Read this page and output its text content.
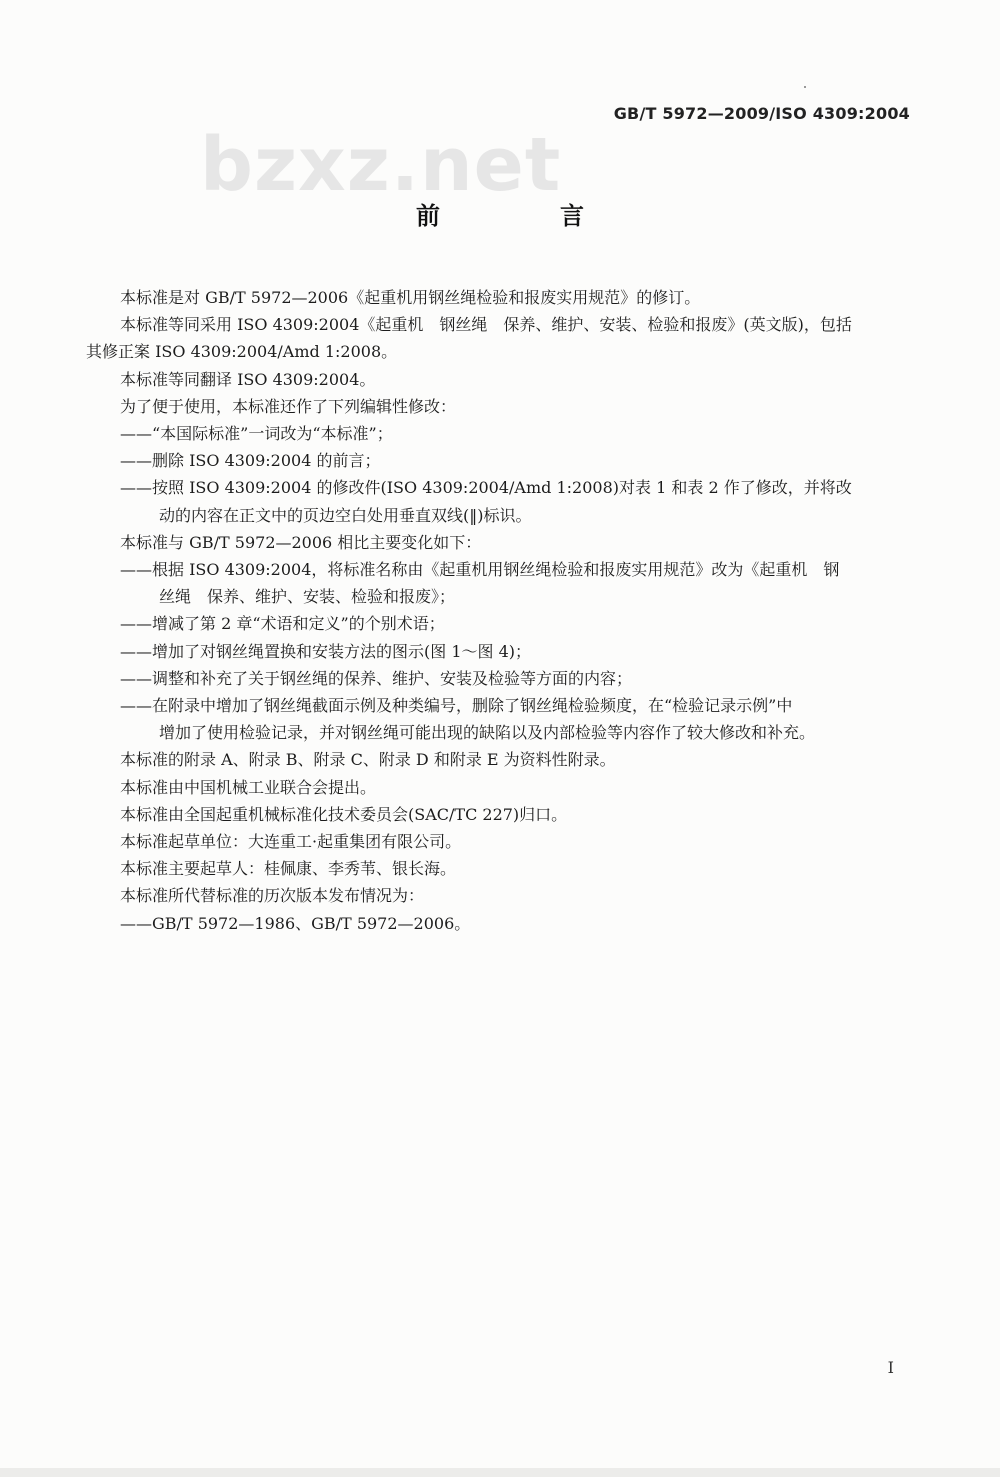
GB/T 5972—2009/ISO 4309:2004
bzxz.net
前　言

本标准是对 GB/T 5972—2006《起重机用钢丝绳检验和报废实用规范》的修订。

本标准等同采用 ISO 4309:2004《起重机　钢丝绳　保养、维护、安装、检验和报废》(英文版)，包括

其修正案 ISO 4309:2004/Amd 1:2008。

本标准等同翻译 ISO 4309:2004。

为了便于使用，本标准还作了下列编辑性修改：

——“本国际标准”一词改为“本标准”；

——删除 ISO 4309:2004 的前言；

——按照 ISO 4309:2004 的修改件(ISO 4309:2004/Amd 1:2008)对表 1 和表 2 作了修改，并将改

动的内容在正文中的页边空白处用垂直双线(‖)标识。

本标准与 GB/T 5972—2006 相比主要变化如下：

——根据 ISO 4309:2004，将标准名称由《起重机用钢丝绳检验和报废实用规范》改为《起重机　钢

丝绳　保养、维护、安装、检验和报废》；

——增减了第 2 章“术语和定义”的个别术语；

——增加了对钢丝绳置换和安装方法的图示(图 1～图 4)；

——调整和补充了关于钢丝绳的保养、维护、安装及检验等方面的内容；

——在附录中增加了钢丝绳截面示例及种类编号，删除了钢丝绳检验频度，在“检验记录示例”中

增加了使用检验记录，并对钢丝绳可能出现的缺陷以及内部检验等内容作了较大修改和补充。

本标准的附录 A、附录 B、附录 C、附录 D 和附录 E 为资料性附录。

本标准由中国机械工业联合会提出。

本标准由全国起重机械标准化技术委员会(SAC/TC 227)归口。

本标准起草单位：大连重工·起重集团有限公司。

本标准主要起草人：桂佩康、李秀苇、银长海。

本标准所代替标准的历次版本发布情况为：

——GB/T 5972—1986、GB/T 5972—2006。

I
